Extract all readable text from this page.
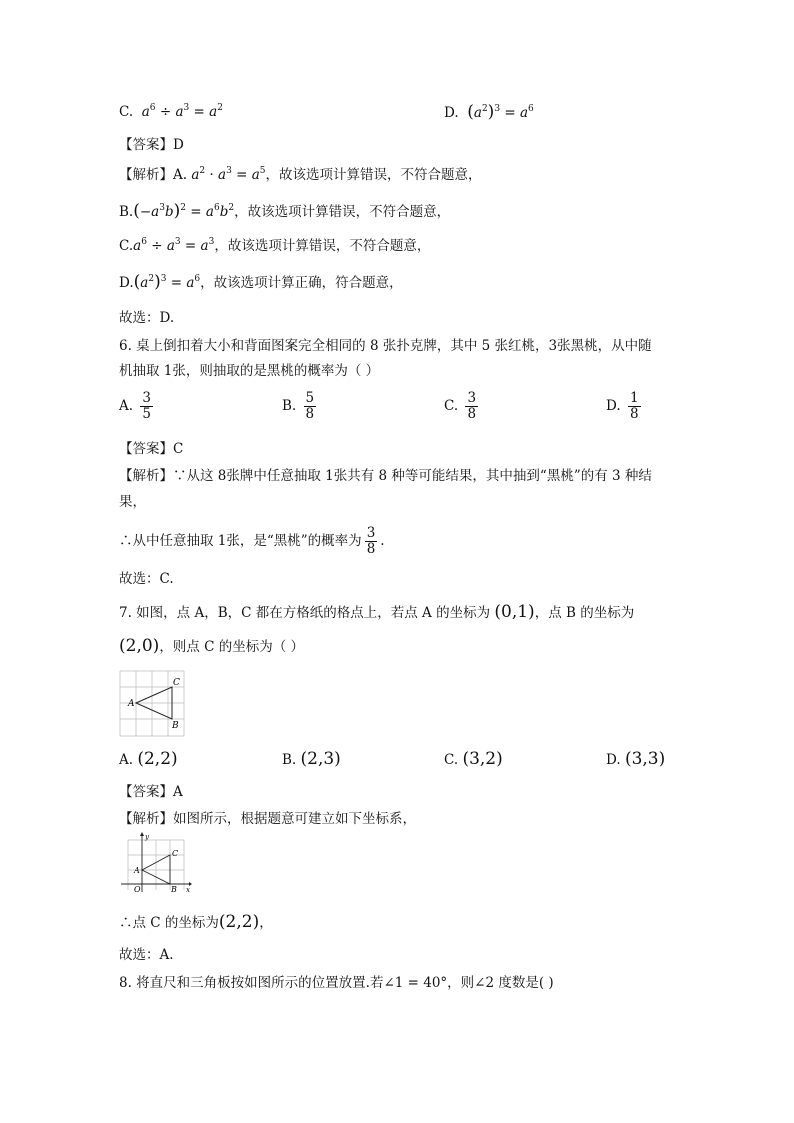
C. $a^6 \div a^3 = a^2$	D. $(a^2)^3 = a^6$
【答案】D
【解析】A. $a^2 \cdot a^3 = a^5$，故该选项计算错误，不符合题意，
$B.(-a^3b)^2 = a^6b^2$，故该选项计算错误，不符合题意，
$C.a^6 \div a^3 = a^3$，故该选项计算错误，不符合题意，
$D.(a^2)^3 = a^6$，故该选项计算正确，符合题意，
故选：D.
6. 桌上倒扣着大小和背面图案完全相同的 8 张扑克牌，其中 5 张红桃，3张黑桃，从中随
机抽取 1张，则抽取的是黑桃的概率为（ ）
A. $\frac{3}{5}$	B. $\frac{5}{8}$	C. $\frac{3}{8}$	D. $\frac{1}{8}$
【答案】C
【解析】∵从这 8张牌中任意抽取 1张共有 8 种等可能结果，其中抽到“黑桃”的有 3 种结
果，
∴从中任意抽取 1张，是“黑桃”的概率为 $\frac{3}{8}$ .
故选：C.
7. 如图，点 A，B，C 都在方格纸的格点上，若点 A 的坐标为 (0,1)，点 B 的坐标为
(2,0)，则点 C 的坐标为（ ）
A
C
B
A. (2,2)	B. (2,3)	C. (3,2)	D. (3,3)
【答案】A
【解析】如图所示，根据题意可建立如下坐标系，
A
C
B
O	x
y
∴点 C 的坐标为(2,2)，
故选：A.
8. 将直尺和三角板按如图所示的位置放置.若∠1 = 40°，则∠2 度数是( )
